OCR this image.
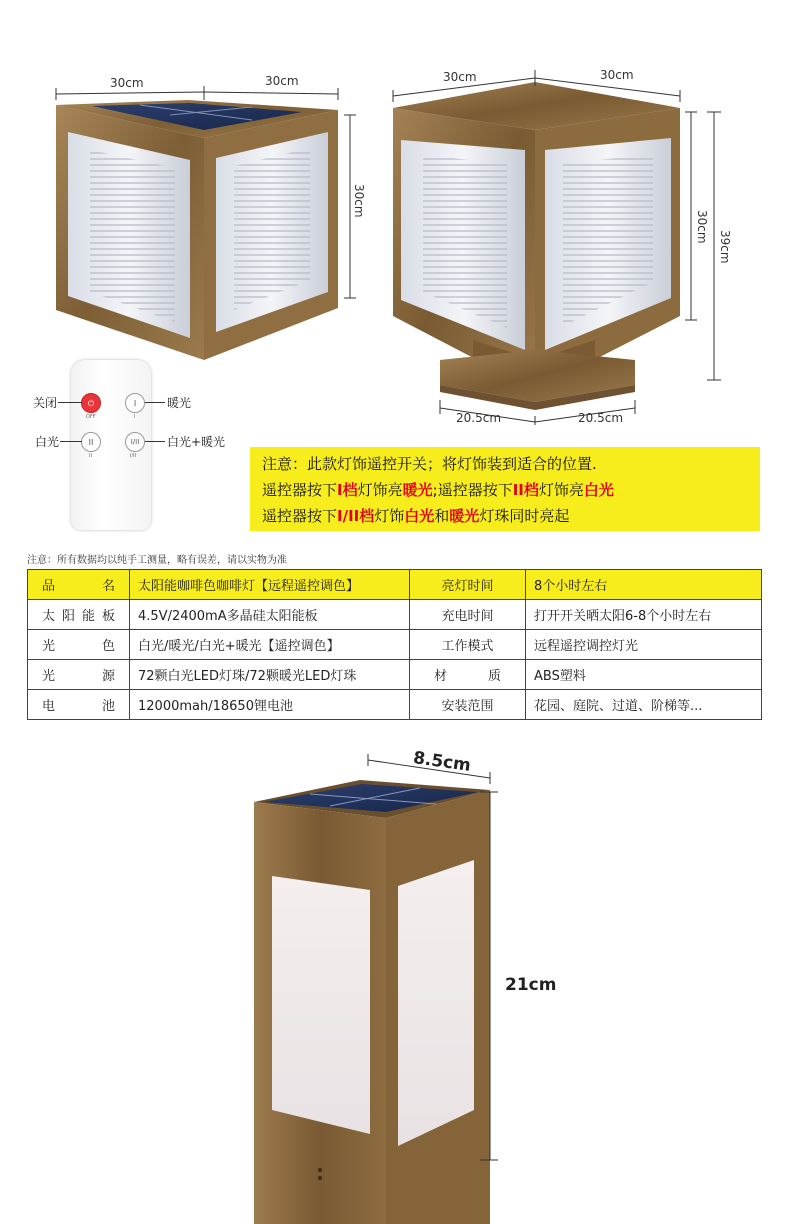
30cm	30cm
30cm
30cm	30cm
30cm
39cm
20.5cm	20.5cm
⏻
OFF
I
I
II
II
I/II
I/II
关闭	暖光
白光	白光+暖光
注意：此款灯饰遥控开关；将灯饰装到适合的位置.
遥控器按下I档灯饰亮暖光;遥控器按下II档灯饰亮白光
遥控器按下I/II档灯饰白光和暖光灯珠同时亮起
注意：所有数据均以纯手工测量，略有误差，请以实物为准
品 名	太阳能咖啡色咖啡灯【远程遥控调色】	亮灯时间	8个小时左右
太阳能板	4.5V/2400mA多晶硅太阳能板	充电时间	打开开关晒太阳6-8个小时左右
光 色	白光/暖光/白光+暖光【遥控调色】	工作模式	远程遥控调控灯光
光 源	72颗白光LED灯珠/72颗暖光LED灯珠	材 质	ABS塑料
电 池	12000mah/18650锂电池	安装范围	花园、庭院、过道、阶梯等...
8.5cm
21cm
